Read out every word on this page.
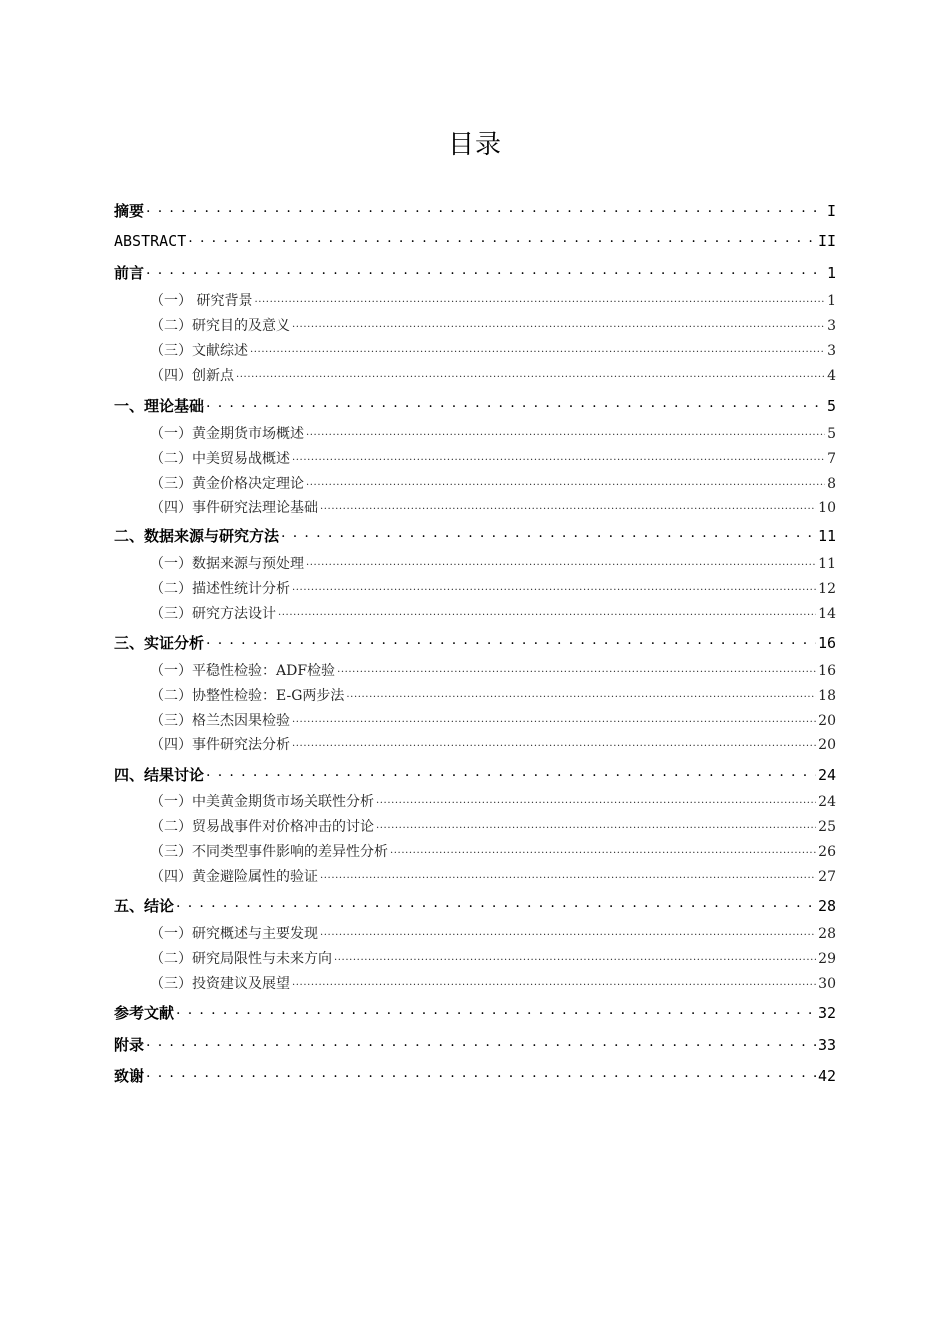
目录
摘要 . . .	I
ABSTRACT . . .	II
前言 . . .	1
（一） 研究背景 .....	1
（二）研究目的及意义 .....	3
（三）文献综述 .....	3
（四）创新点 .....	4
一、理论基础 . . .	5
（一）黄金期货市场概述 .....	5
（二）中美贸易战概述 .....	7
（三）黄金价格决定理论 .....	8
（四）事件研究法理论基础 .....	10
二、数据来源与研究方法 . . .	11
（一）数据来源与预处理 .....	11
（二）描述性统计分析 .....	12
（三）研究方法设计 .....	14
三、实证分析 . . .	16
（一）平稳性检验：ADF检验 .....	16
（二）协整性检验：E-G两步法 .....	18
（三）格兰杰因果检验 .....	20
（四）事件研究法分析 .....	20
四、结果讨论 . . .	24
（一）中美黄金期货市场关联性分析 .....	24
（二）贸易战事件对价格冲击的讨论 .....	25
（三）不同类型事件影响的差异性分析 .....	26
（四）黄金避险属性的验证 .....	27
五、结论 . . .	28
（一）研究概述与主要发现 .....	28
（二）研究局限性与未来方向 .....	29
（三）投资建议及展望 .....	30
参考文献 . . .	32
附录 . . .	33
致谢 . . .	42
